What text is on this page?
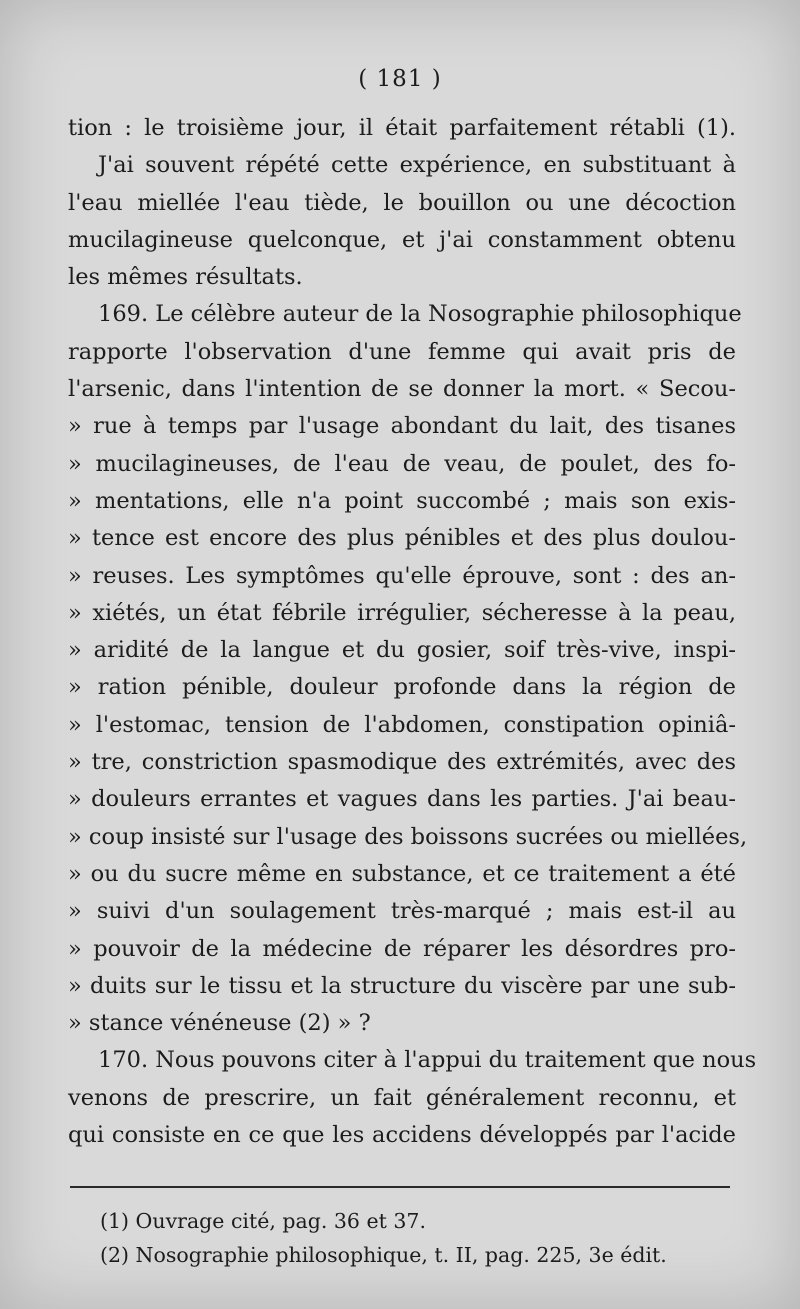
( 181 )
tion : le troisième jour, il était parfaitement rétabli (1).
J'ai souvent répété cette expérience, en substituant à
l'eau miellée l'eau tiède, le bouillon ou une décoction
mucilagineuse quelconque, et j'ai constamment obtenu
les mêmes résultats.
169. Le célèbre auteur de la Nosographie philosophique
rapporte l'observation d'une femme qui avait pris de
l'arsenic, dans l'intention de se donner la mort. « Secou-
» rue à temps par l'usage abondant du lait, des tisanes
» mucilagineuses, de l'eau de veau, de poulet, des fo-
» mentations, elle n'a point succombé ; mais son exis-
» tence est encore des plus pénibles et des plus doulou-
» reuses. Les symptômes qu'elle éprouve, sont : des an-
» xiétés, un état fébrile irrégulier, sécheresse à la peau,
» aridité de la langue et du gosier, soif très-vive, inspi-
» ration pénible, douleur profonde dans la région de
» l'estomac, tension de l'abdomen, constipation opiniâ-
» tre, constriction spasmodique des extrémités, avec des
» douleurs errantes et vagues dans les parties. J'ai beau-
» coup insisté sur l'usage des boissons sucrées ou miellées,
» ou du sucre même en substance, et ce traitement a été
» suivi d'un soulagement très-marqué ; mais est-il au
» pouvoir de la médecine de réparer les désordres pro-
» duits sur le tissu et la structure du viscère par une sub-
» stance vénéneuse (2) » ?
170. Nous pouvons citer à l'appui du traitement que nous
venons de prescrire, un fait généralement reconnu, et
qui consiste en ce que les accidens développés par l'acide
(1) Ouvrage cité, pag. 36 et 37.
(2) Nosographie philosophique, t. II, pag. 225, 3e édit.
